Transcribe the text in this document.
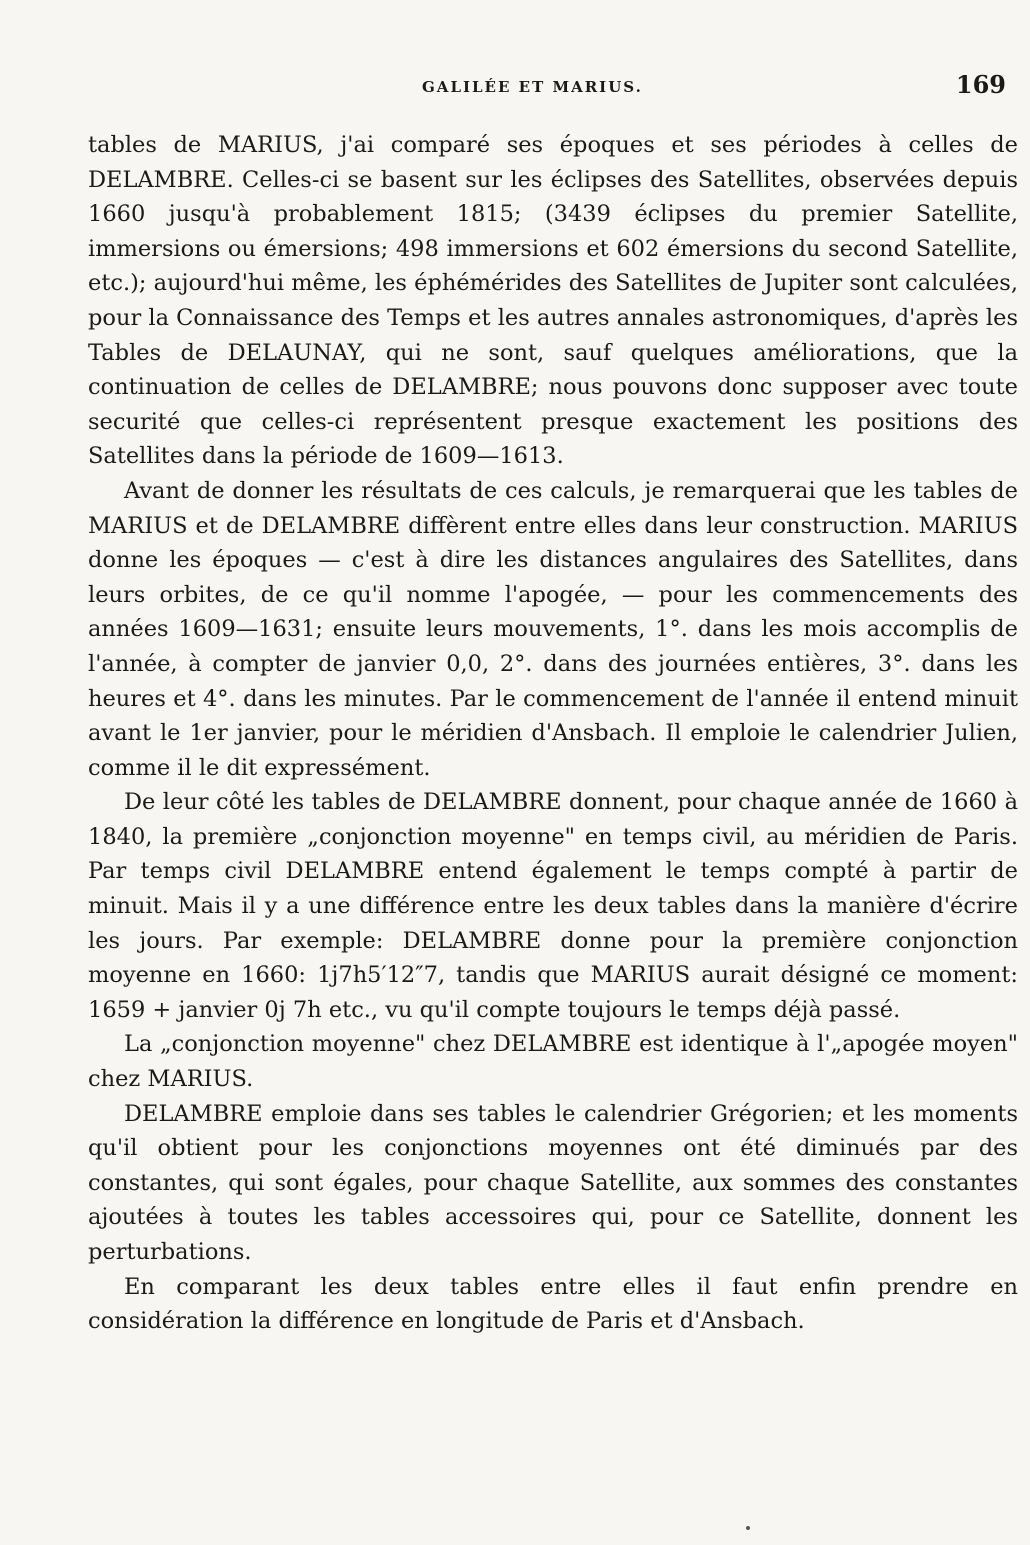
GALILÉE ET MARIUS.	169

tables de MARIUS, j'ai comparé ses époques et ses périodes à celles de DELAMBRE. Celles-ci se basent sur les éclipses des Satellites, observées depuis 1660 jusqu'à probablement 1815; (3439 éclipses du premier Satellite, immersions ou émersions; 498 immersions et 602 émersions du second Satellite, etc.); aujourd'hui même, les éphémérides des Satellites de Jupiter sont calculées, pour la Connaissance des Temps et les autres annales astronomiques, d'après les Tables de DELAUNAY, qui ne sont, sauf quelques améliorations, que la continuation de celles de DELAMBRE; nous pouvons donc supposer avec toute securité que celles-ci représentent presque exactement les positions des Satellites dans la période de 1609—1613.

Avant de donner les résultats de ces calculs, je remarquerai que les tables de MARIUS et de DELAMBRE diffèrent entre elles dans leur construction. MARIUS donne les époques — c'est à dire les distances angulaires des Satellites, dans leurs orbites, de ce qu'il nomme l'apogée, — pour les commencements des années 1609—1631; ensuite leurs mouvements, 1°. dans les mois accomplis de l'année, à compter de janvier 0,0, 2°. dans des journées entières, 3°. dans les heures et 4°. dans les minutes. Par le commencement de l'année il entend minuit avant le 1er janvier, pour le méridien d'Ansbach. Il emploie le calendrier Julien, comme il le dit expressément.

De leur côté les tables de DELAMBRE donnent, pour chaque année de 1660 à 1840, la première „conjonction moyenne" en temps civil, au méridien de Paris. Par temps civil DELAMBRE entend également le temps compté à partir de minuit. Mais il y a une différence entre les deux tables dans la manière d'écrire les jours. Par exemple: DELAMBRE donne pour la première conjonction moyenne en 1660: 1j7h5′12″7, tandis que MARIUS aurait désigné ce moment: 1659 + janvier 0j 7h etc., vu qu'il compte toujours le temps déjà passé.

La „conjonction moyenne" chez DELAMBRE est identique à l'„apogée moyen" chez MARIUS.

DELAMBRE emploie dans ses tables le calendrier Grégorien; et les moments qu'il obtient pour les conjonctions moyennes ont été diminués par des constantes, qui sont égales, pour chaque Satellite, aux sommes des constantes ajoutées à toutes les tables accessoires qui, pour ce Satellite, donnent les perturbations.

En comparant les deux tables entre elles il faut enfin prendre en considération la différence en longitude de Paris et d'Ansbach.
